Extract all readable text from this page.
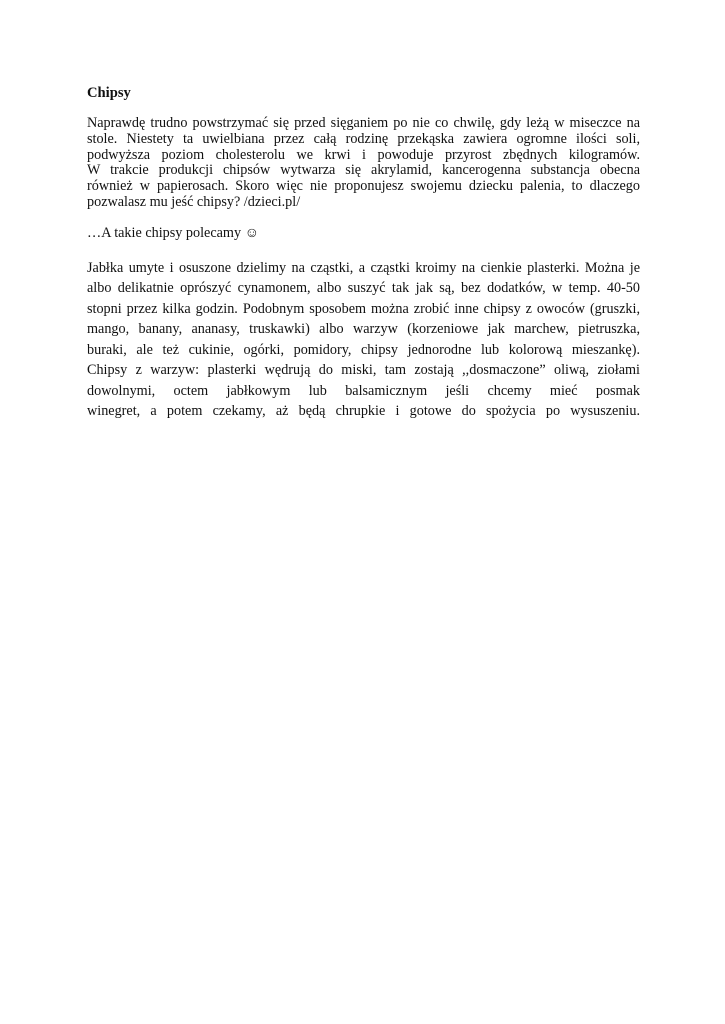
Chipsy
Naprawdę trudno powstrzymać się przed sięganiem po nie co chwilę, gdy leżą w miseczce na
stole. Niestety ta uwielbiana przez całą rodzinę przekąska zawiera ogromne ilości soli,
podwyższa poziom cholesterolu we krwi i powoduje przyrost zbędnych kilogramów.
W trakcie produkcji chipsów wytwarza się akrylamid, kancerogenna substancja obecna
również w papierosach. Skoro więc nie proponujesz swojemu dziecku palenia, to dlaczego
pozwalasz mu jeść chipsy? /dzieci.pl/
…A takie chipsy polecamy ☺
Jabłka umyte i osuszone dzielimy na cząstki, a cząstki kroimy na cienkie plasterki. Można je
albo delikatnie oprószyć cynamonem, albo suszyć tak jak są, bez dodatków, w temp. 40-50
stopni przez kilka godzin. Podobnym sposobem można zrobić inne chipsy z owoców (gruszki,
mango, banany, ananasy, truskawki) albo warzyw (korzeniowe jak marchew, pietruszka,
buraki, ale też cukinie, ogórki, pomidory, chipsy jednorodne lub kolorową mieszankę).
Chipsy z warzyw: plasterki wędrują do miski, tam zostają ,,dosmaczone” oliwą, ziołami
dowolnymi, octem jabłkowym lub balsamicznym jeśli chcemy mieć posmak
winegret, a potem czekamy, aż będą chrupkie i gotowe do spożycia po wysuszeniu.
